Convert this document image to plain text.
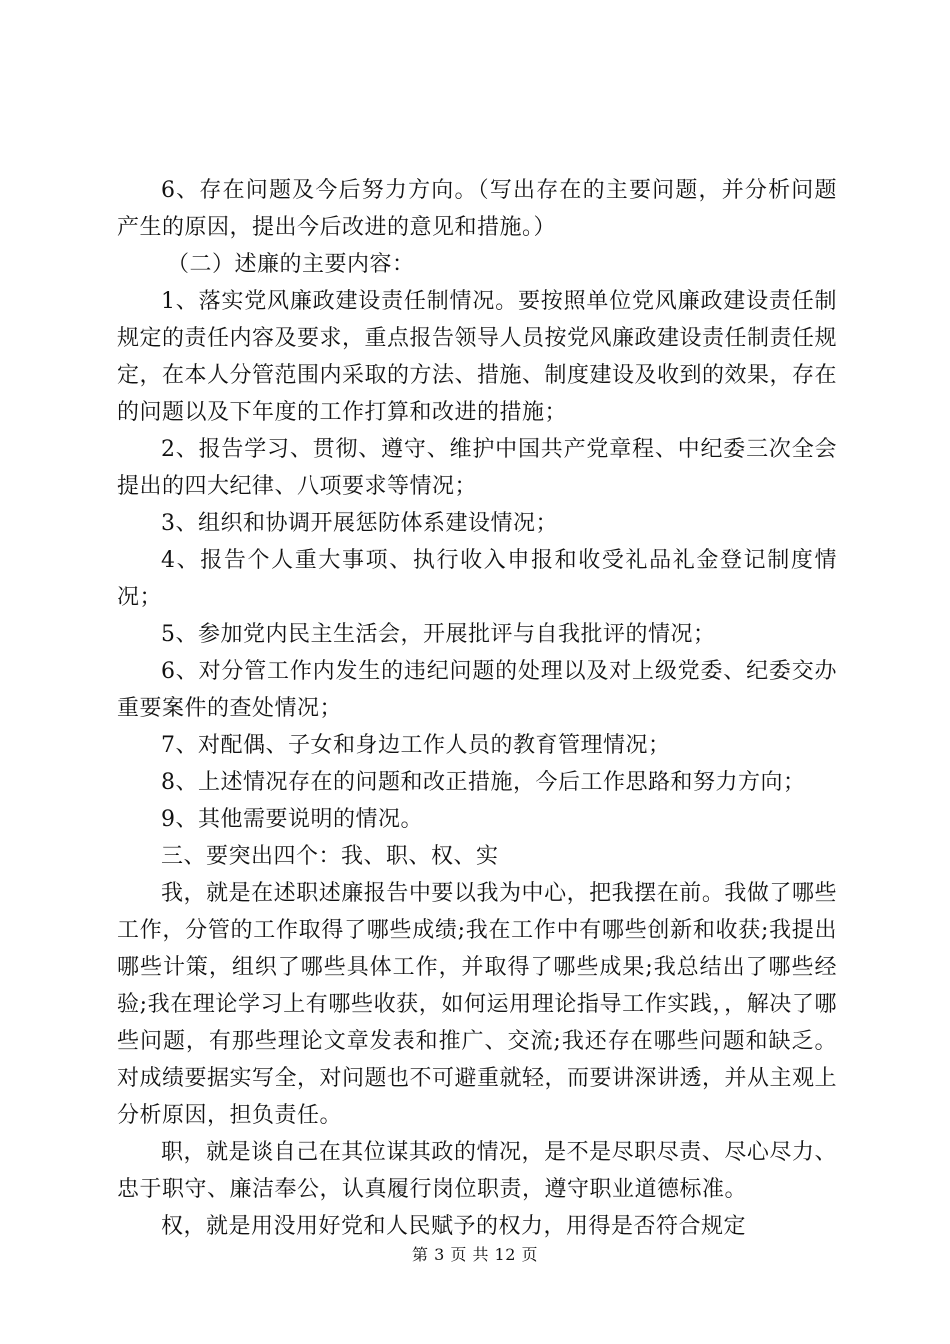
6、存在问题及今后努力方向。（写出存在的主要问题，并分析问题产生的原因，提出今后改进的意见和措施。）

（二）述廉的主要内容：

1、落实党风廉政建设责任制情况。要按照单位党风廉政建设责任制规定的责任内容及要求，重点报告领导人员按党风廉政建设责任制责任规定，在本人分管范围内采取的方法、措施、制度建设及收到的效果，存在的问题以及下年度的工作打算和改进的措施；

2、报告学习、贯彻、遵守、维护中国共产党章程、中纪委三次全会提出的四大纪律、八项要求等情况；

3、组织和协调开展惩防体系建设情况；

4、报告个人重大事项、执行收入申报和收受礼品礼金登记制度情况；

5、参加党内民主生活会，开展批评与自我批评的情况；

6、对分管工作内发生的违纪问题的处理以及对上级党委、纪委交办重要案件的查处情况；

7、对配偶、子女和身边工作人员的教育管理情况；

8、上述情况存在的问题和改正措施，今后工作思路和努力方向；

9、其他需要说明的情况。

三、要突出四个：我、职、权、实

我，就是在述职述廉报告中要以我为中心，把我摆在前。我做了哪些工作，分管的工作取得了哪些成绩;我在工作中有哪些创新和收获;我提出哪些计策，组织了哪些具体工作，并取得了哪些成果;我总结出了哪些经验;我在理论学习上有哪些收获，如何运用理论指导工作实践，，解决了哪些问题，有那些理论文章发表和推广、交流;我还存在哪些问题和缺乏。对成绩要据实写全，对问题也不可避重就轻，而要讲深讲透，并从主观上分析原因，担负责任。

职，就是谈自己在其位谋其政的情况，是不是尽职尽责、尽心尽力、忠于职守、廉洁奉公，认真履行岗位职责，遵守职业道德标准。

权，就是用没用好党和人民赋予的权力，用得是否符合规定

第 3 页 共 12 页
